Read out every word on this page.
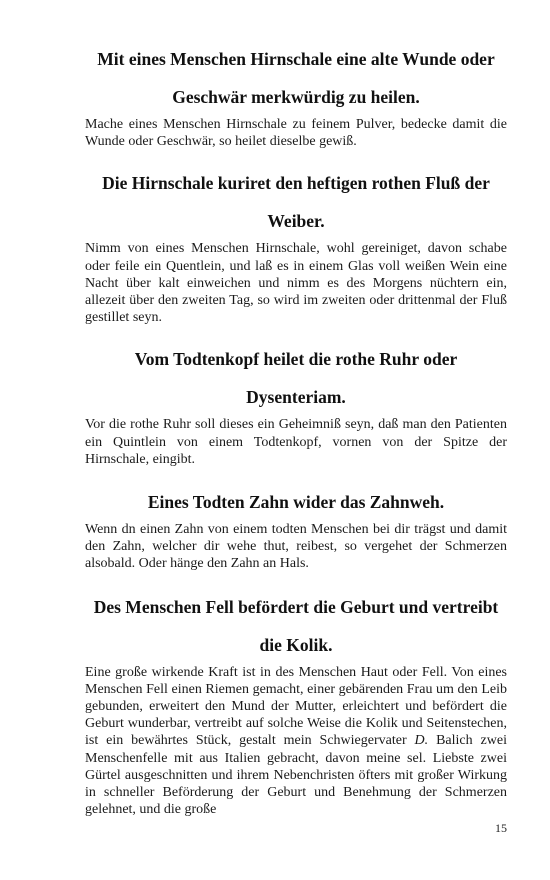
Mit eines Menschen Hirnschale eine alte Wunde oder
Geschwär merkwürdig zu heilen.

Mache eines Menschen Hirnschale zu feinem Pulver, bedecke damit die Wunde oder Geschwär, so heilet dieselbe gewiß.

Die Hirnschale kuriret den heftigen rothen Fluß der
Weiber.

Nimm von eines Menschen Hirnschale, wohl gereiniget, davon schabe oder feile ein Quentlein, und laß es in einem Glas voll weißen Wein eine Nacht über kalt einweichen und nimm es des Morgens nüchtern ein, allezeit über den zweiten Tag, so wird im zweiten oder drittenmal der Fluß gestillet seyn.

Vom Todtenkopf heilet die rothe Ruhr oder
Dysenteriam.

Vor die rothe Ruhr soll dieses ein Geheimniß seyn, daß man den Patienten ein Quintlein von einem Todtenkopf, vornen von der Spitze der Hirnschale, eingibt.

Eines Todten Zahn wider das Zahnweh.

Wenn dn einen Zahn von einem todten Menschen bei dir trägst und damit den Zahn, welcher dir wehe thut, reibest, so vergehet der Schmerzen alsobald. Oder hänge den Zahn an Hals.

Des Menschen Fell befördert die Geburt und vertreibt
die Kolik.

Eine große wirkende Kraft ist in des Menschen Haut oder Fell. Von eines Menschen Fell einen Riemen gemacht, einer gebärenden Frau um den Leib gebunden, erweitert den Mund der Mutter, erleichtert und befördert die Geburt wunderbar, vertreibt auf solche Weise die Kolik und Seitenstechen, ist ein bewährtes Stück, gestalt mein Schwiegervater D. Balich zwei Menschenfelle mit aus Italien gebracht, davon meine sel. Liebste zwei Gürtel ausgeschnitten und ihrem Nebenchristen öfters mit großer Wirkung in schneller Beförderung der Geburt und Benehmung der Schmerzen gelehnet, und die große

15
